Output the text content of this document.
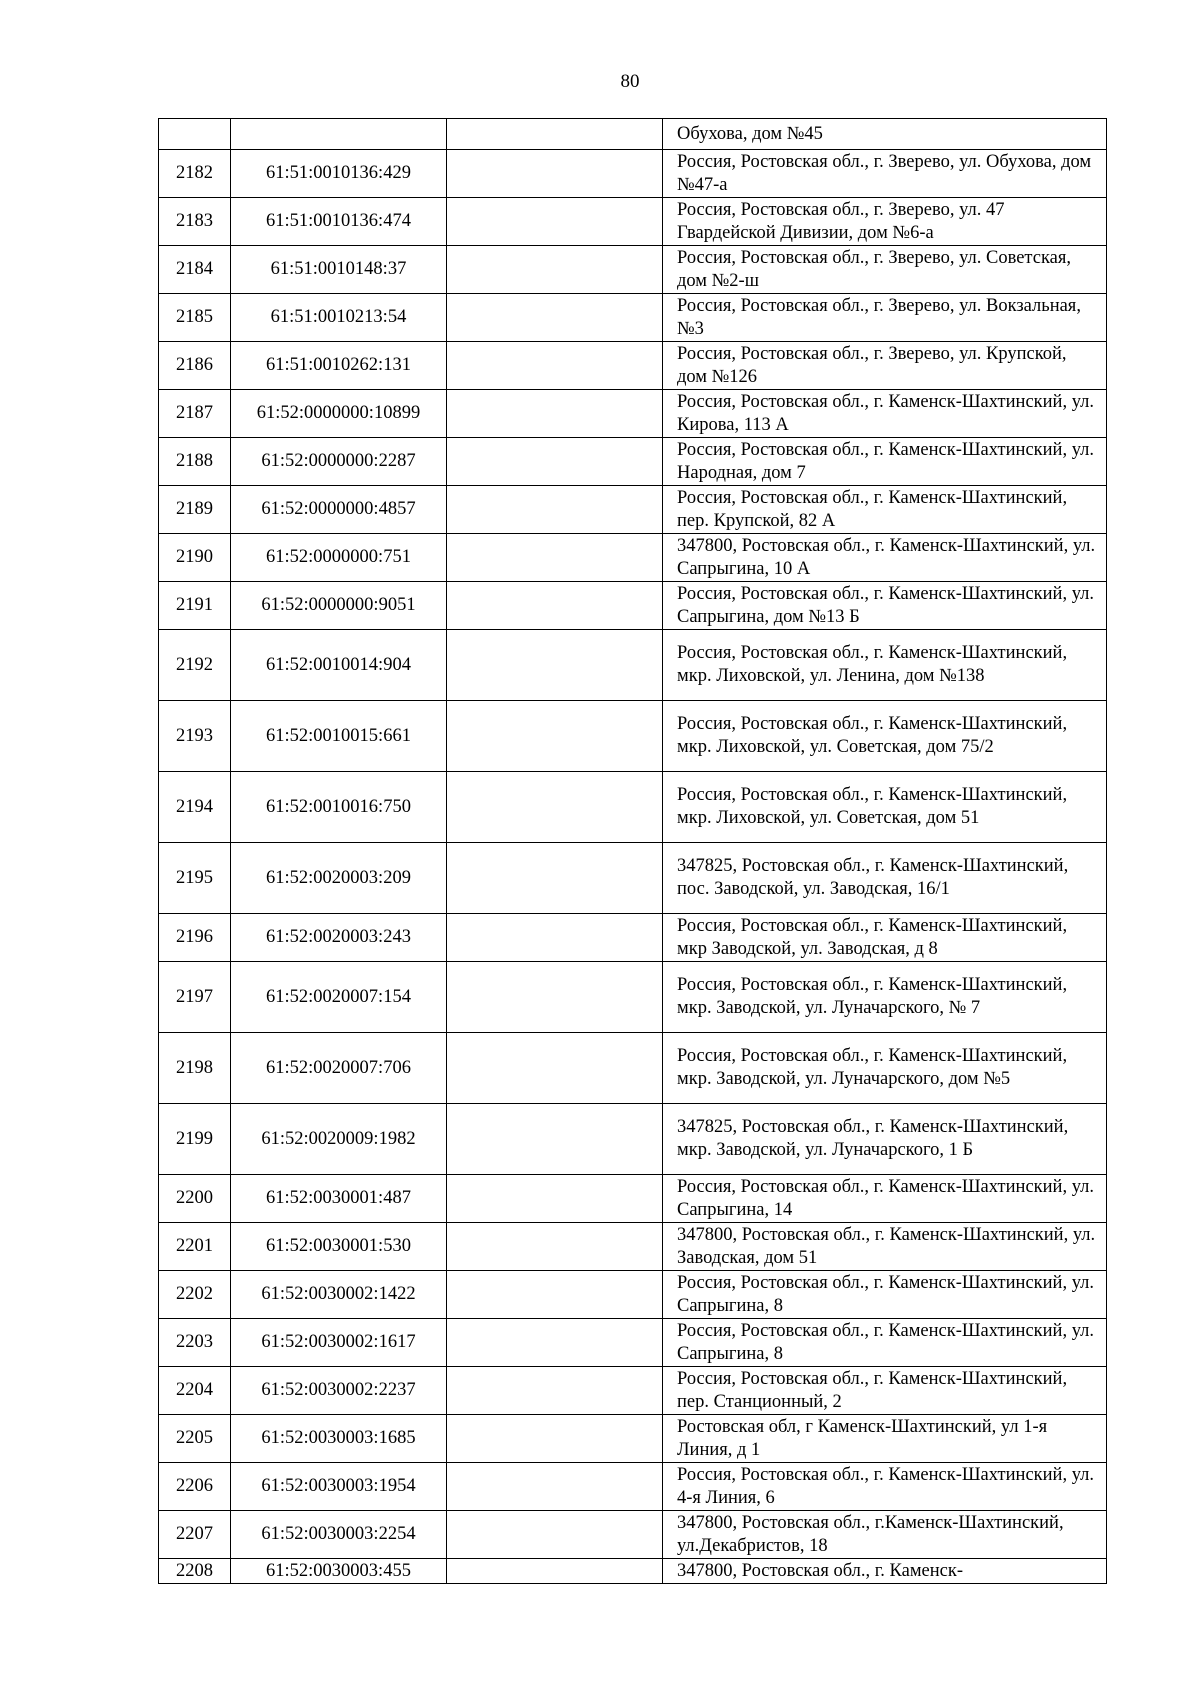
80
			Обухова, дом №45
2182	61:51:0010136:429		Россия, Ростовская обл., г. Зверево, ул. Обухова, дом №47-а
2183	61:51:0010136:474		Россия, Ростовская обл., г. Зверево, ул. 47 Гвардейской Дивизии, дом №6-а
2184	61:51:0010148:37		Россия, Ростовская обл., г. Зверево, ул. Советская, дом №2-ш
2185	61:51:0010213:54		Россия, Ростовская обл., г. Зверево, ул. Вокзальная, №3
2186	61:51:0010262:131		Россия, Ростовская обл., г. Зверево, ул. Крупской, дом №126
2187	61:52:0000000:10899		Россия, Ростовская обл., г. Каменск-Шахтинский, ул. Кирова, 113 А
2188	61:52:0000000:2287		Россия, Ростовская обл., г. Каменск-Шахтинский, ул. Народная, дом 7
2189	61:52:0000000:4857		Россия, Ростовская обл., г. Каменск-Шахтинский, пер. Крупской, 82 А
2190	61:52:0000000:751		347800, Ростовская обл., г. Каменск-Шахтинский, ул. Сапрыгина, 10 А
2191	61:52:0000000:9051		Россия, Ростовская обл., г. Каменск-Шахтинский, ул. Сапрыгина, дом №13 Б
2192	61:52:0010014:904		Россия, Ростовская обл., г. Каменск-Шахтинский, мкр. Лиховской, ул. Ленина, дом №138
2193	61:52:0010015:661		Россия, Ростовская обл., г. Каменск-Шахтинский, мкр. Лиховской, ул. Советская, дом 75/2
2194	61:52:0010016:750		Россия, Ростовская обл., г. Каменск-Шахтинский, мкр. Лиховской, ул. Советская, дом 51
2195	61:52:0020003:209		347825, Ростовская обл., г. Каменск-Шахтинский, пос. Заводской, ул. Заводская, 16/1
2196	61:52:0020003:243		Россия, Ростовская обл., г. Каменск-Шахтинский, мкр Заводской, ул. Заводская, д 8
2197	61:52:0020007:154		Россия, Ростовская обл., г. Каменск-Шахтинский, мкр. Заводской, ул. Луначарского, № 7
2198	61:52:0020007:706		Россия, Ростовская обл., г. Каменск-Шахтинский, мкр. Заводской, ул. Луначарского, дом №5
2199	61:52:0020009:1982		347825, Ростовская обл., г. Каменск-Шахтинский, мкр. Заводской, ул. Луначарского, 1 Б
2200	61:52:0030001:487		Россия, Ростовская обл., г. Каменск-Шахтинский, ул. Сапрыгина, 14
2201	61:52:0030001:530		347800, Ростовская обл., г. Каменск-Шахтинский, ул. Заводская, дом 51
2202	61:52:0030002:1422		Россия, Ростовская обл., г. Каменск-Шахтинский, ул. Сапрыгина, 8
2203	61:52:0030002:1617		Россия, Ростовская обл., г. Каменск-Шахтинский, ул. Сапрыгина, 8
2204	61:52:0030002:2237		Россия, Ростовская обл., г. Каменск-Шахтинский, пер. Станционный, 2
2205	61:52:0030003:1685		Ростовская обл, г Каменск-Шахтинский, ул 1-я Линия, д 1
2206	61:52:0030003:1954		Россия, Ростовская обл., г. Каменск-Шахтинский, ул. 4-я Линия, 6
2207	61:52:0030003:2254		347800, Ростовская обл., г.Каменск-Шахтинский, ул.Декабристов, 18
2208	61:52:0030003:455		347800, Ростовская обл., г. Каменск-
